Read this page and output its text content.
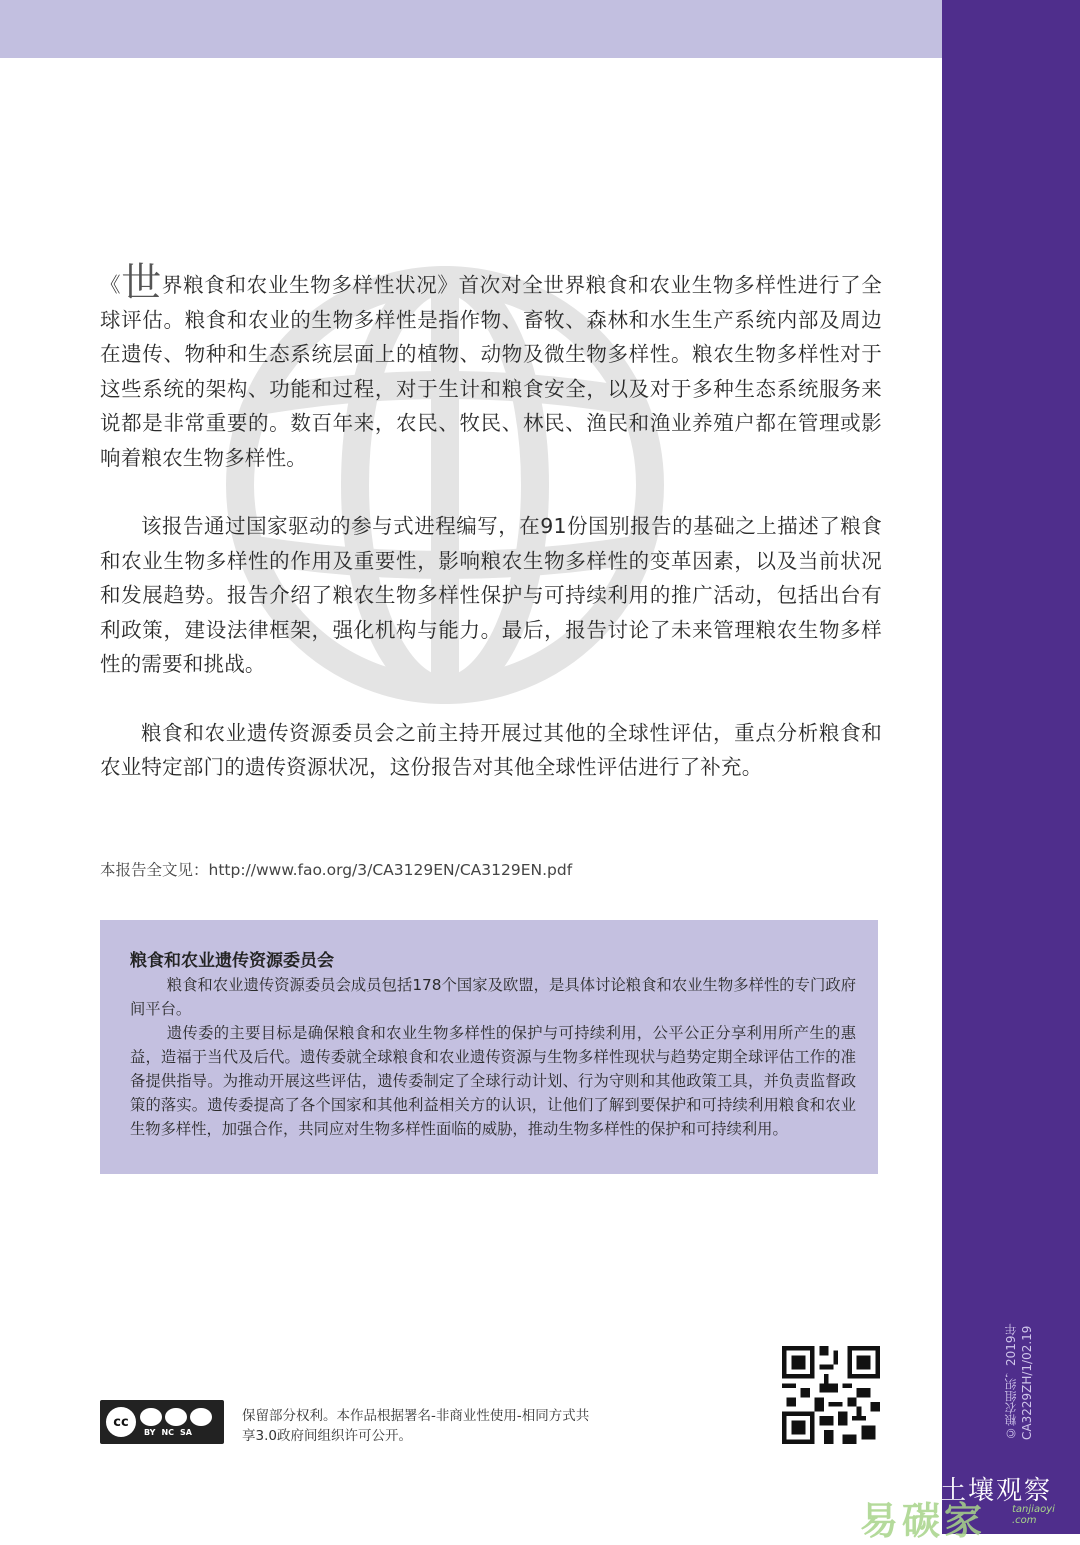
©粮农组织，2019年 CA3229ZH/1/02.19

《世界粮食和农业生物多样性状况》首次对全世界粮食和农业生物多样性进行了全球评估。粮食和农业的生物多样性是指作物、畜牧、森林和水生生产系统内部及周边在遗传、物种和生态系统层面上的植物、动物及微生物多样性。粮农生物多样性对于这些系统的架构、功能和过程，对于生计和粮食安全，以及对于多种生态系统服务来说都是非常重要的。数百年来，农民、牧民、林民、渔民和渔业养殖户都在管理或影响着粮农生物多样性。

该报告通过国家驱动的参与式进程编写，在91份国别报告的基础之上描述了粮食和农业生物多样性的作用及重要性，影响粮农生物多样性的变革因素，以及当前状况和发展趋势。报告介绍了粮农生物多样性保护与可持续利用的推广活动，包括出台有利政策，建设法律框架，强化机构与能力。最后，报告讨论了未来管理粮农生物多样性的需要和挑战。

粮食和农业遗传资源委员会之前主持开展过其他的全球性评估，重点分析粮食和农业特定部门的遗传资源状况，这份报告对其他全球性评估进行了补充。

本报告全文见：http://www.fao.org/3/CA3129EN/CA3129EN.pdf
粮食和农业遗传资源委员会

粮食和农业遗传资源委员会成员包括178个国家及欧盟，是具体讨论粮食和农业生物多样性的专门政府间平台。

遗传委的主要目标是确保粮食和农业生物多样性的保护与可持续利用，公平公正分享利用所产生的惠益，造福于当代及后代。遗传委就全球粮食和农业遗传资源与生物多样性现状与趋势定期全球评估工作的准备提供指导。为推动开展这些评估，遗传委制定了全球行动计划、行为守则和其他政策工具，并负责监督政策的落实。遗传委提高了各个国家和其他利益相关方的认识，让他们了解到要保护和可持续利用粮食和农业生物多样性，加强合作，共同应对生物多样性面临的威胁，推动生物多样性的保护和可持续利用。

cc
BY NC SA
保留部分权利。本作品根据署名-非商业性使用-相同方式共享3.0政府间组织许可公开。
土壤观察
易碳家	tanjiaoyi
.com
